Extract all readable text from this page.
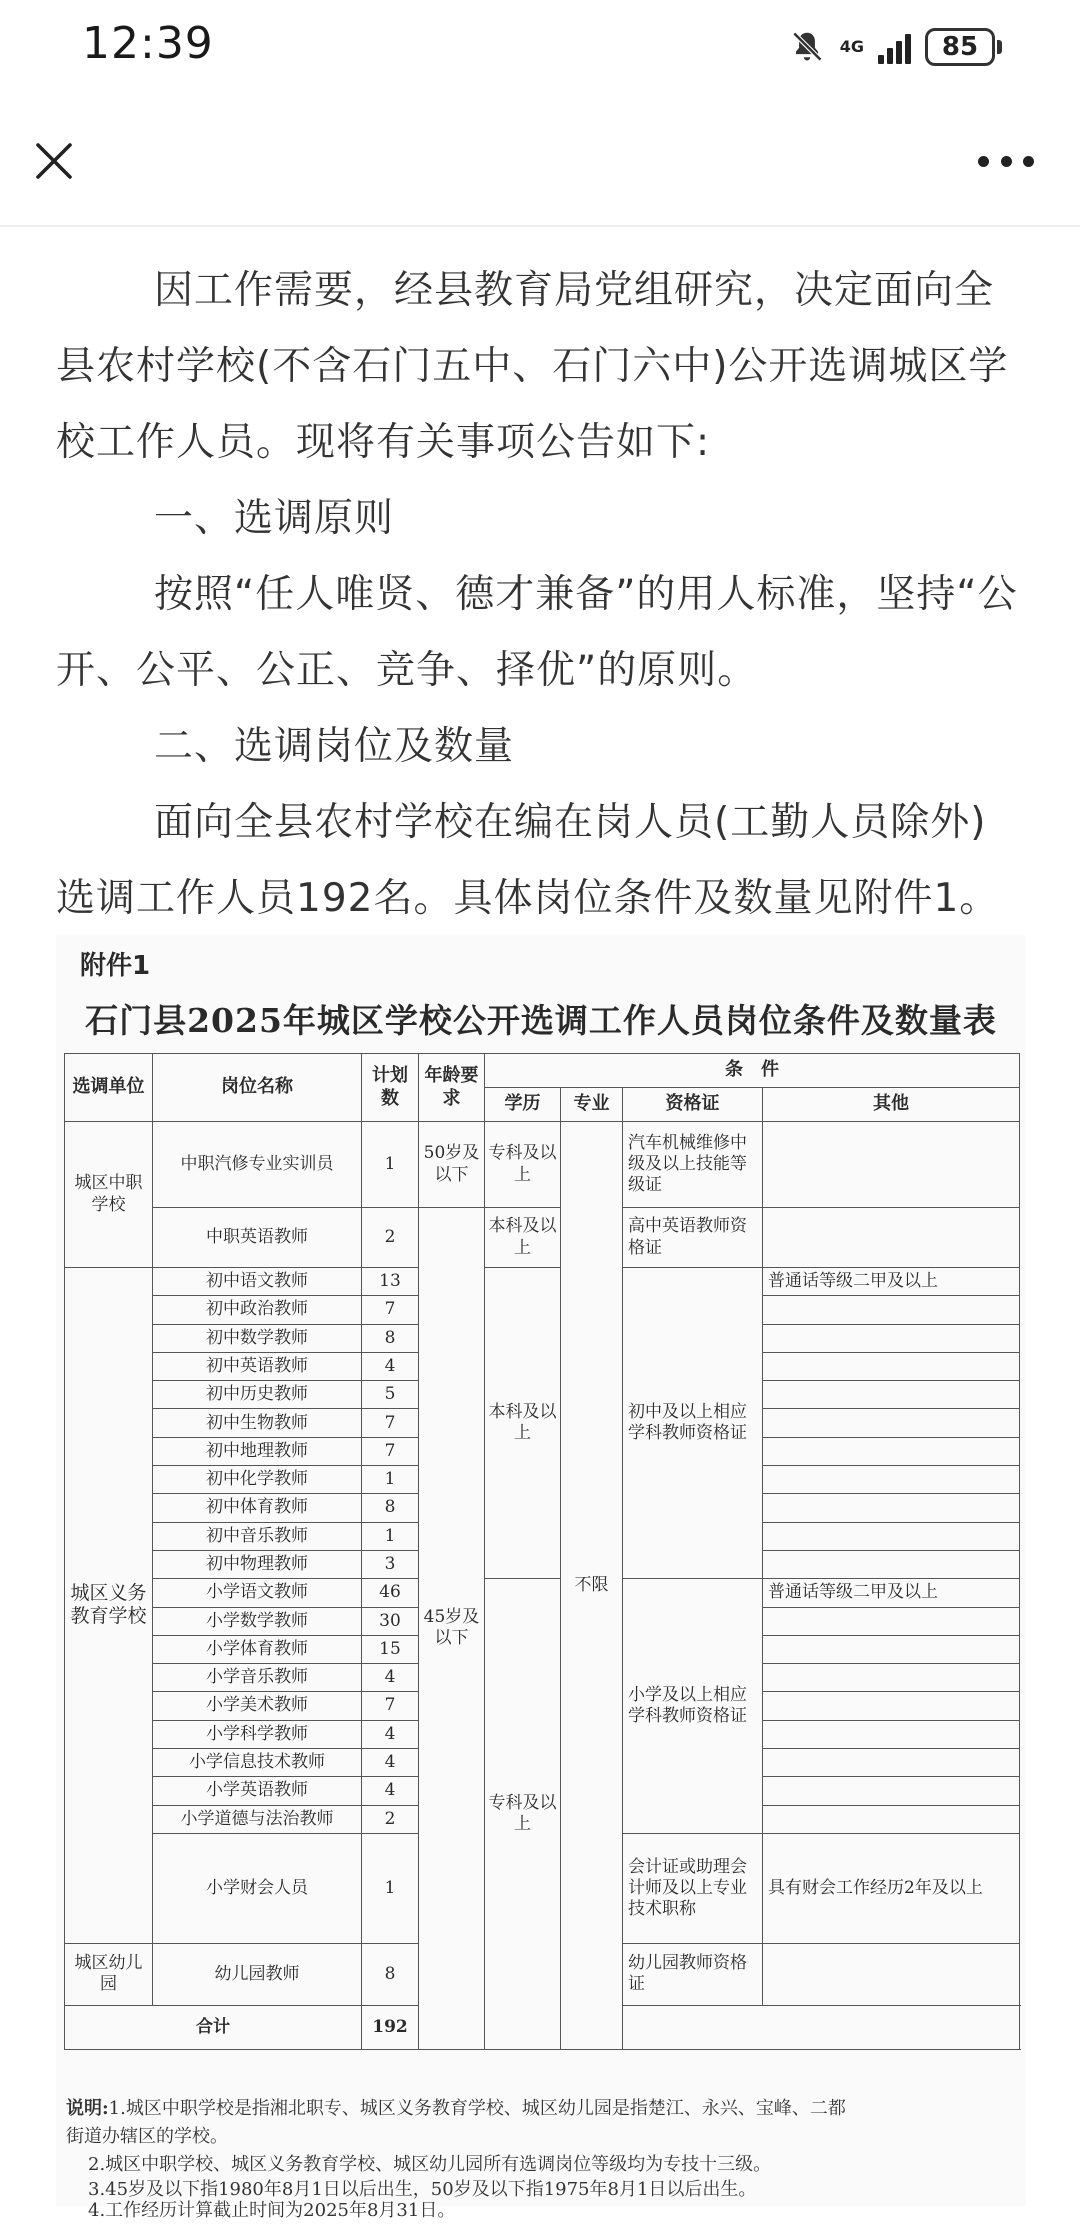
12:39	4G	85

因工作需要，经县教育局党组研究，决定面向全县农村学校(不含石门五中、石门六中)公开选调城区学校工作人员。现将有关事项公告如下:

一、选调原则

按照“任人唯贤、德才兼备”的用人标准，坚持“公开、公平、公正、竞争、择优”的原则。

二、选调岗位及数量

面向全县农村学校在编在岗人员(工勤人员除外)选调工作人员192名。具体岗位条件及数量见附件1。

附件1
石门县2025年城区学校公开选调工作人员岗位条件及数量表
选调单位	岗位名称	计划数	年龄要求	条　件				
				学历	专业	资格证	其他	
城区中职学校	中职汽修专业实训员	1	50岁及以下	专科及以上	不限	汽车机械维修中级及以上技能等级证		
	中职英语教师	2	45岁及以下	本科及以上		高中英语教师资格证		
城区义务教育学校	初中语文教师	13		本科及以上		初中及以上相应学科教师资格证	普通话等级二甲及以上	
	初中政治教师	7						
	初中数学教师	8						
	初中英语教师	4						
	初中历史教师	5						
	初中生物教师	7						
	初中地理教师	7						
	初中化学教师	1						
	初中体育教师	8						
	初中音乐教师	1						
	初中物理教师	3						
	小学语文教师	46		专科及以上		小学及以上相应学科教师资格证	普通话等级二甲及以上	
	小学数学教师	30						
	小学体育教师	15						
	小学音乐教师	4						
	小学美术教师	7						
	小学科学教师	4						
	小学信息技术教师	4						
	小学英语教师	4						
	小学道德与法治教师	2						
	小学财会人员	1				会计证或助理会计师及以上专业技术职称	具有财会工作经历2年及以上	
城区幼儿园	幼儿园教师	8				幼儿园教师资格证		
合计		192						
说明:1.城区中职学校是指湘北职专、城区义务教育学校、城区幼儿园是指楚江、永兴、宝峰、二都
街道办辖区的学校。
2.城区中职学校、城区义务教育学校、城区幼儿园所有选调岗位等级均为专技十三级。
3.45岁及以下指1980年8月1日以后出生，50岁及以下指1975年8月1日以后出生。
4.工作经历计算截止时间为2025年8月31日。
